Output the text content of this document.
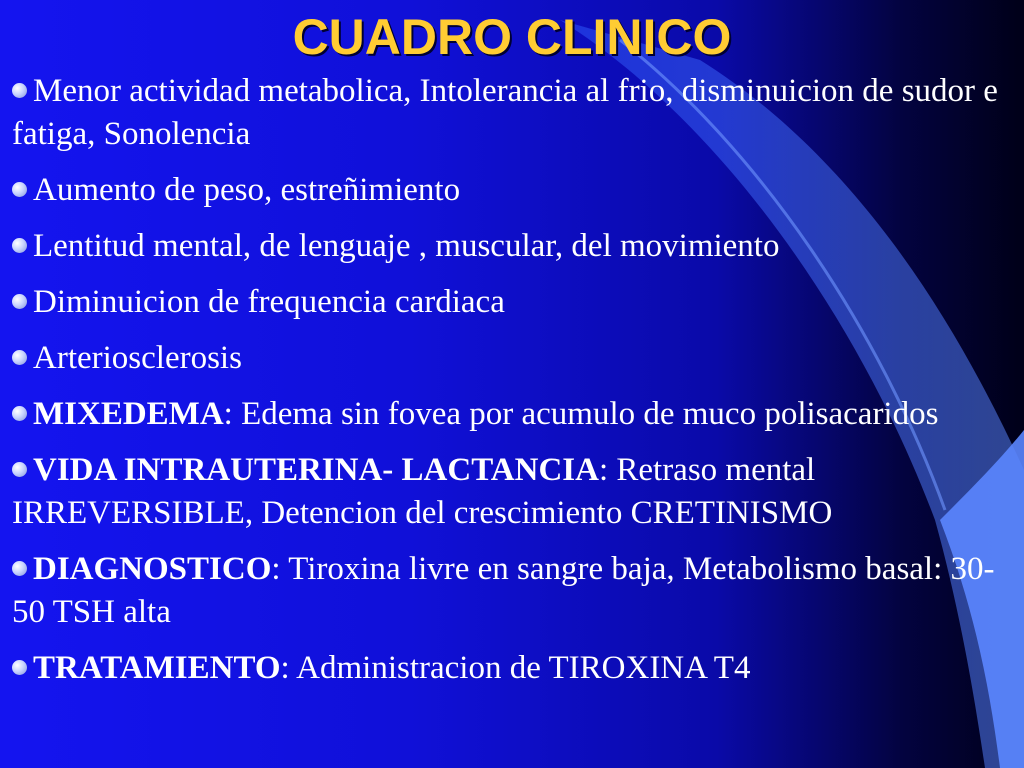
CUADRO CLINICO
Menor actividad metabolica, Intolerancia al frio, disminuicion de sudor e fatiga, Sonolencia
Aumento de peso, estreñimiento
Lentitud mental, de lenguaje , muscular, del movimiento
Diminuicion de frequencia cardiaca
Arteriosclerosis
MIXEDEMA: Edema sin fovea por acumulo de muco polisacaridos
VIDA INTRAUTERINA- LACTANCIA: Retraso mental IRREVERSIBLE, Detencion del crescimiento CRETINISMO
DIAGNOSTICO: Tiroxina livre en sangre baja, Metabolismo basal: 30-50 TSH alta
TRATAMIENTO: Administracion de TIROXINA T4
